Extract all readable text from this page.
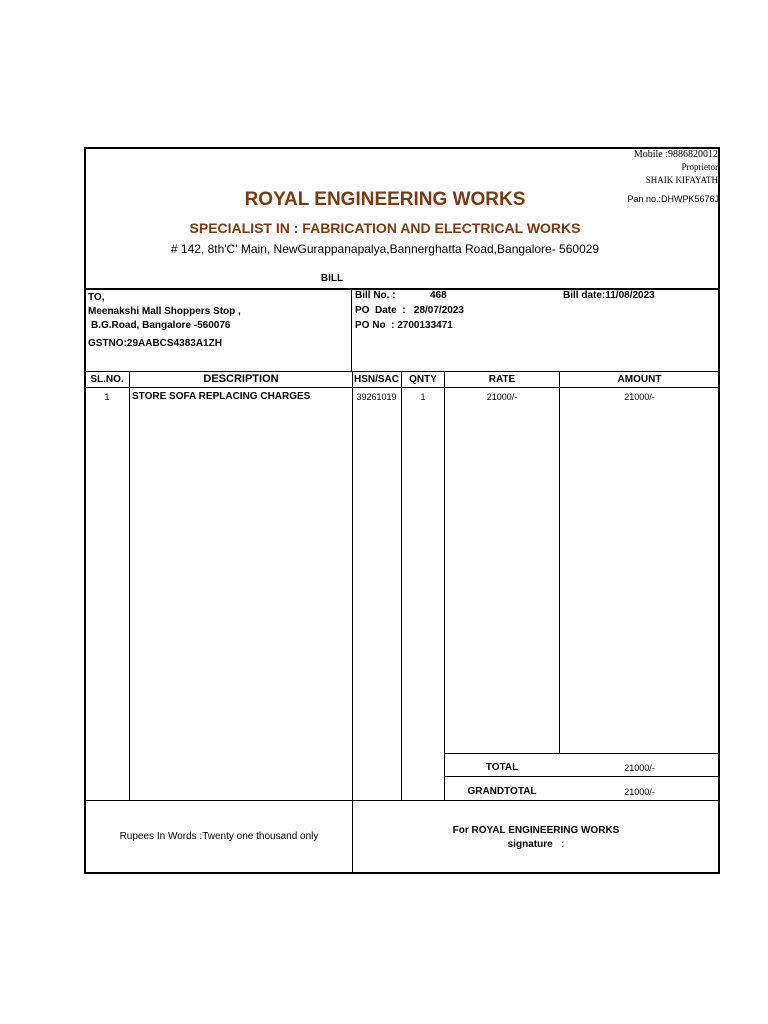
Mobile :9886820012
Proprietor
SHAIK KIFAYATH
Pan no.:DHWPK5676J
ROYAL ENGINEERING WORKS
SPECIALIST IN : FABRICATION AND ELECTRICAL WORKS
# 142, 8th'C' Main, NewGurappanapalya,Bannerghatta Road,Bangalore- 560029
BILL
TO,
Meenakshi Mall Shoppers Stop ,
B.G.Road, Bangalore -560076
GSTNO:29AABCS4383A1ZH
Bill No. :	468	Bill date:11/08/2023
PO  Date  :   28/07/2023
PO No  : 2700133471
SL.NO.	DESCRIPTION	HSN/SAC	QNTY	RATE	AMOUNT
1	STORE SOFA REPLACING CHARGES	39261019	1	21000/-	21000/-
TOTAL	21000/-
GRANDTOTAL	21000/-
Rupees In Words :Twenty one thousand only
For ROYAL ENGINEERING WORKS
signature   :
